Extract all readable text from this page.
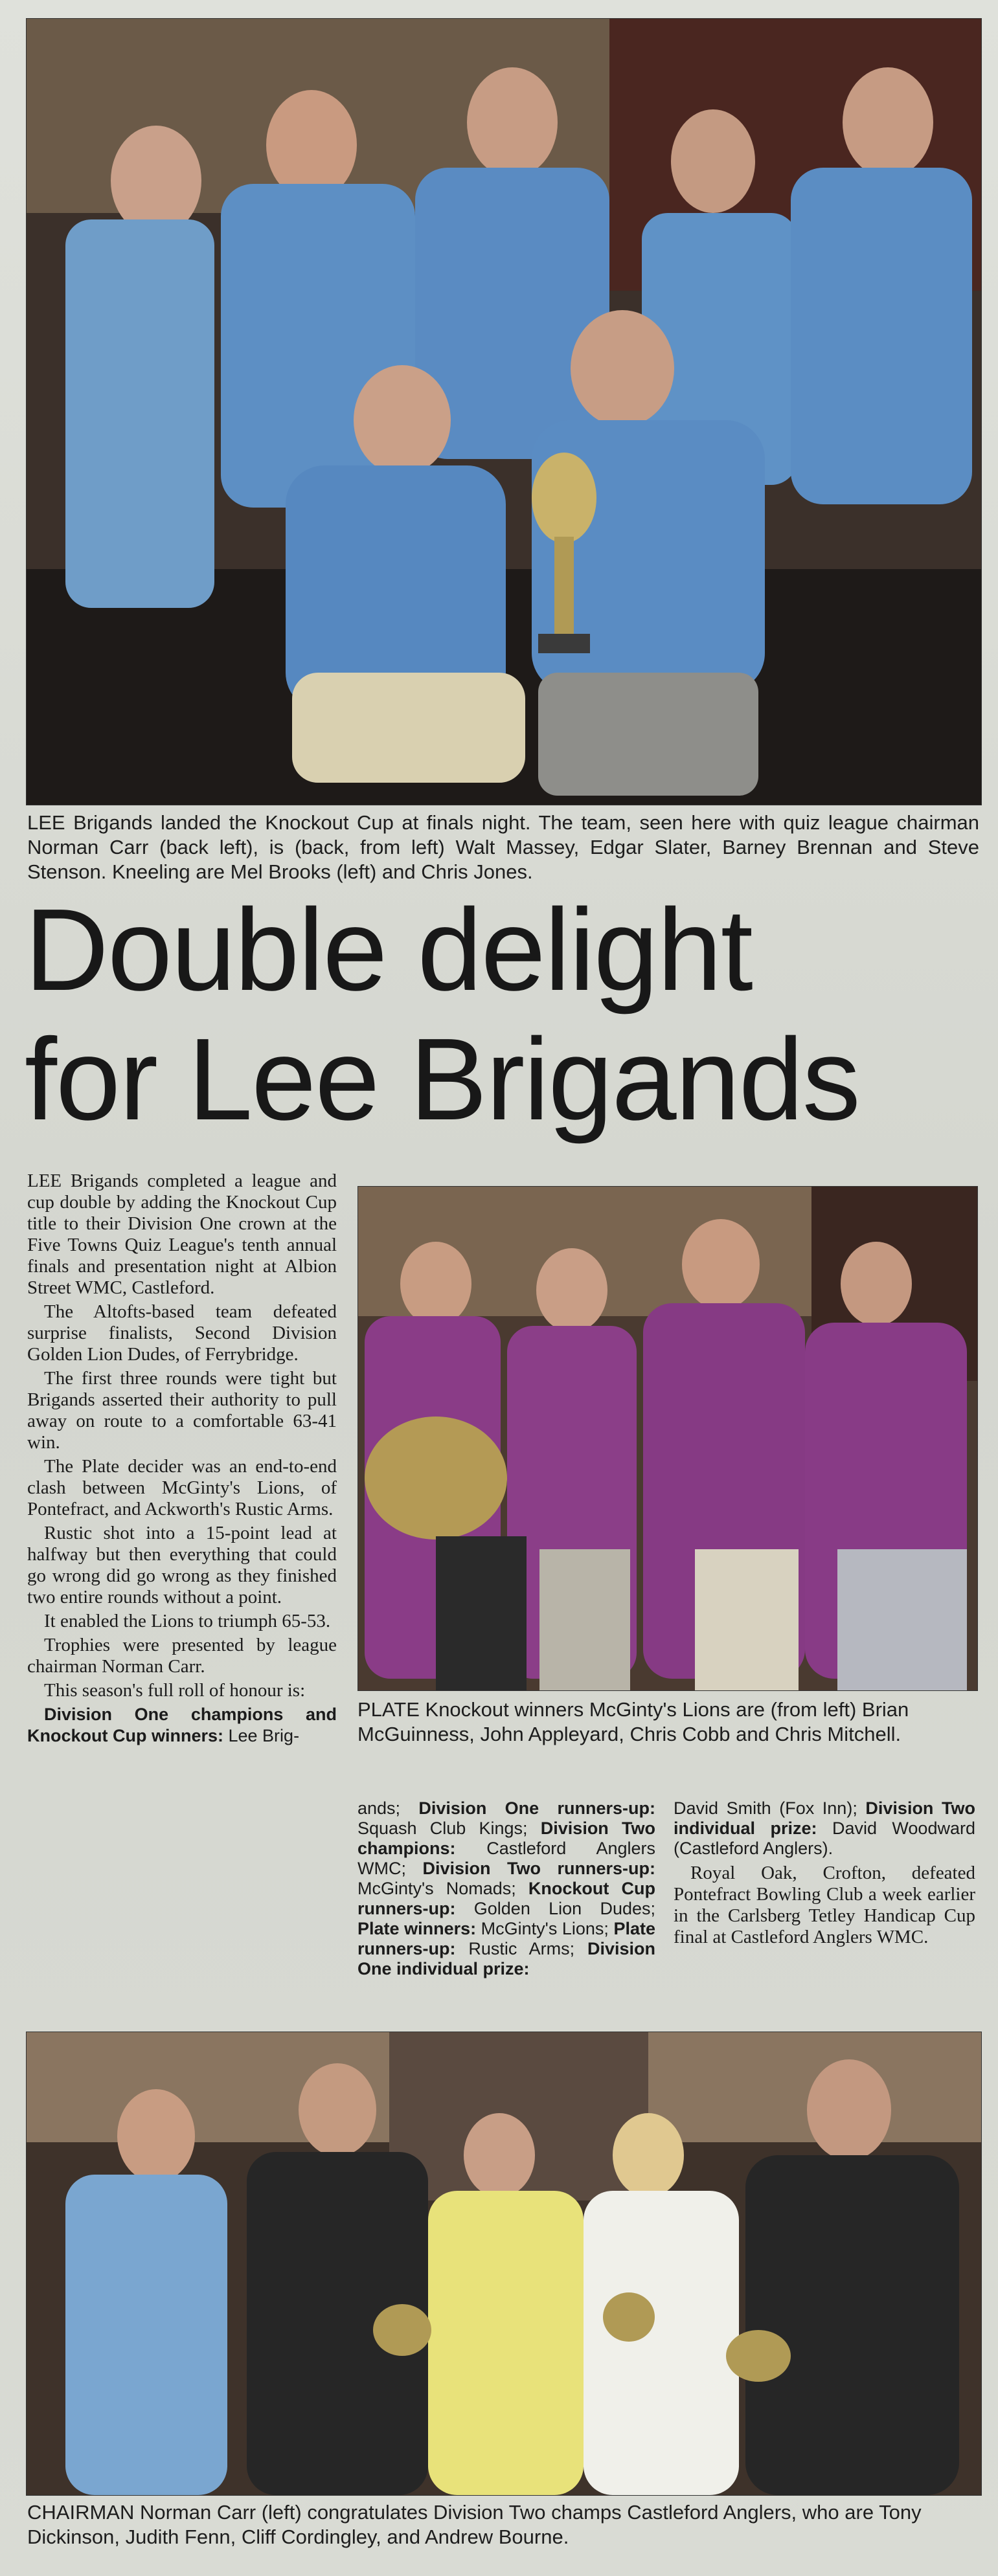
LEE Brigands landed the Knockout Cup at finals night. The team, seen here with quiz league chairman Norman Carr (back left), is (back, from left) Walt Massey, Edgar Slater, Barney Brennan and Steve Stenson. Kneeling are Mel Brooks (left) and Chris Jones.
Double delight
for Lee Brigands

LEE Brigands completed a league and cup double by adding the Knockout Cup title to their Division One crown at the Five Towns Quiz League's tenth annual finals and presentation night at Albion Street WMC, Castleford.

The Altofts-based team defeated surprise finalists, Second Division Golden Lion Dudes, of Ferrybridge.

The first three rounds were tight but Brigands asserted their authority to pull away on route to a comfortable 63-41 win.

The Plate decider was an end-to-end clash between McGinty's Lions, of Pontefract, and Ackworth's Rustic Arms.

Rustic shot into a 15-point lead at halfway but then everything that could go wrong did go wrong as they finished two entire rounds without a point.

It enabled the Lions to triumph 65-53.

Trophies were presented by league chairman Norman Carr.

This season's full roll of honour is:

Division One champions and Knockout Cup winners: Lee Brig-

PLATE Knockout winners McGinty's Lions are (from left) Brian McGuinness, John Appleyard, Chris Cobb and Chris Mitchell.
ands; Division One runners-up: Squash Club Kings; Division Two champions: Castleford Anglers WMC; Division Two runners-up: McGinty's Nomads; Knockout Cup runners-up: Golden Lion Dudes; Plate winners: McGinty's Lions; Plate runners-up: Rustic Arms; Division One individual prize:
David Smith (Fox Inn); Division Two individual prize: David Woodward (Castleford Anglers).
Royal Oak, Crofton, defeated Pontefract Bowling Club a week earlier in the Carlsberg Tetley Handicap Cup final at Castleford Anglers WMC.
CHAIRMAN Norman Carr (left) congratulates Division Two champs Castleford Anglers, who are Tony Dickinson, Judith Fenn, Cliff Cordingley, and Andrew Bourne.
